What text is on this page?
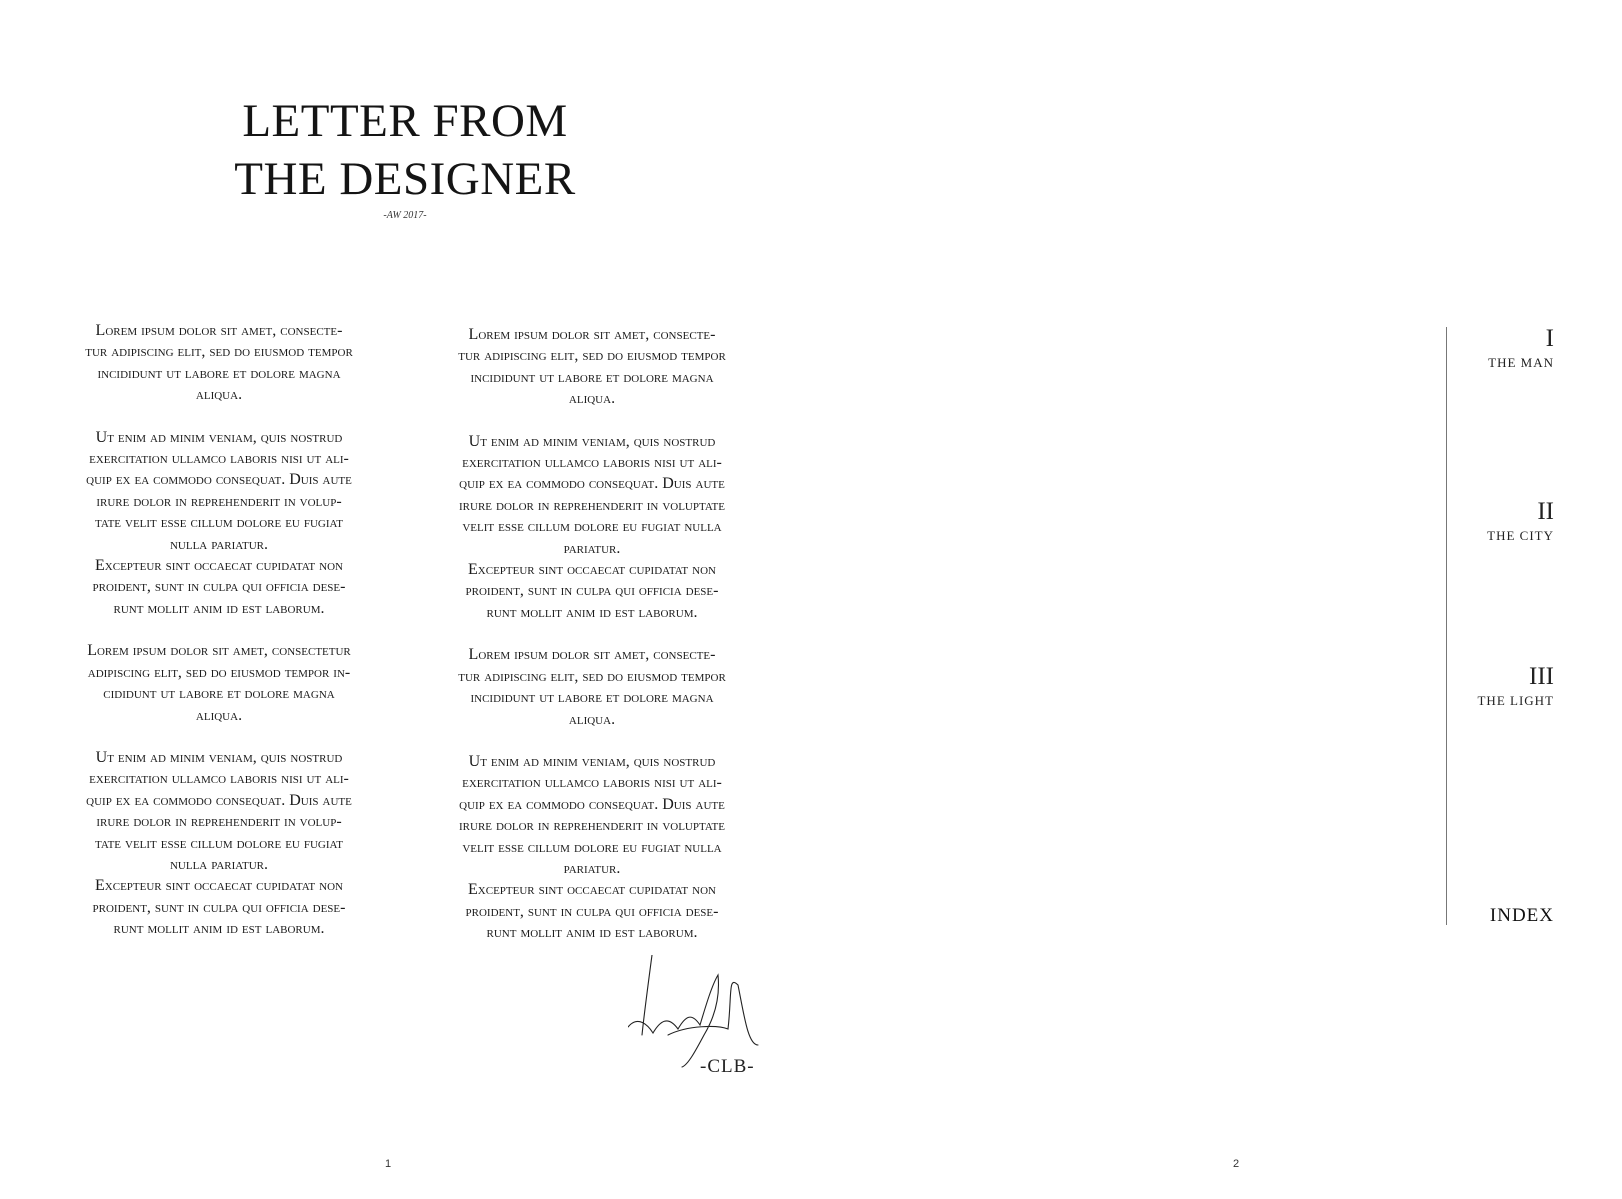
LETTER FROM
THE DESIGNER
-AW 2017-

Lorem ipsum dolor sit amet, consecte-
tur adipiscing elit, sed do eiusmod tempor
incididunt ut labore et dolore magna
aliqua.

Ut enim ad minim veniam, quis nostrud
exercitation ullamco laboris nisi ut ali-
quip ex ea commodo consequat. Duis aute
irure dolor in reprehenderit in volup-
tate velit esse cillum dolore eu fugiat
nulla pariatur.

Excepteur sint occaecat cupidatat non
proident, sunt in culpa qui officia dese-
runt mollit anim id est laborum.

Lorem ipsum dolor sit amet, consectetur
adipiscing elit, sed do eiusmod tempor in-
cididunt ut labore et dolore magna
aliqua.

Ut enim ad minim veniam, quis nostrud
exercitation ullamco laboris nisi ut ali-
quip ex ea commodo consequat. Duis aute
irure dolor in reprehenderit in volup-
tate velit esse cillum dolore eu fugiat
nulla pariatur.

Excepteur sint occaecat cupidatat non
proident, sunt in culpa qui officia dese-
runt mollit anim id est laborum.

Lorem ipsum dolor sit amet, consecte-
tur adipiscing elit, sed do eiusmod tempor
incididunt ut labore et dolore magna
aliqua.

Ut enim ad minim veniam, quis nostrud
exercitation ullamco laboris nisi ut ali-
quip ex ea commodo consequat. Duis aute
irure dolor in reprehenderit in voluptate
velit esse cillum dolore eu fugiat nulla
pariatur.

Excepteur sint occaecat cupidatat non
proident, sunt in culpa qui officia dese-
runt mollit anim id est laborum.

Lorem ipsum dolor sit amet, consecte-
tur adipiscing elit, sed do eiusmod tempor
incididunt ut labore et dolore magna
aliqua.

Ut enim ad minim veniam, quis nostrud
exercitation ullamco laboris nisi ut ali-
quip ex ea commodo consequat. Duis aute
irure dolor in reprehenderit in voluptate
velit esse cillum dolore eu fugiat nulla
pariatur.

Excepteur sint occaecat cupidatat non
proident, sunt in culpa qui officia dese-
runt mollit anim id est laborum.

-CLB-
1	2
I
THE MAN
II
THE CITY
III
THE LIGHT
INDEX
